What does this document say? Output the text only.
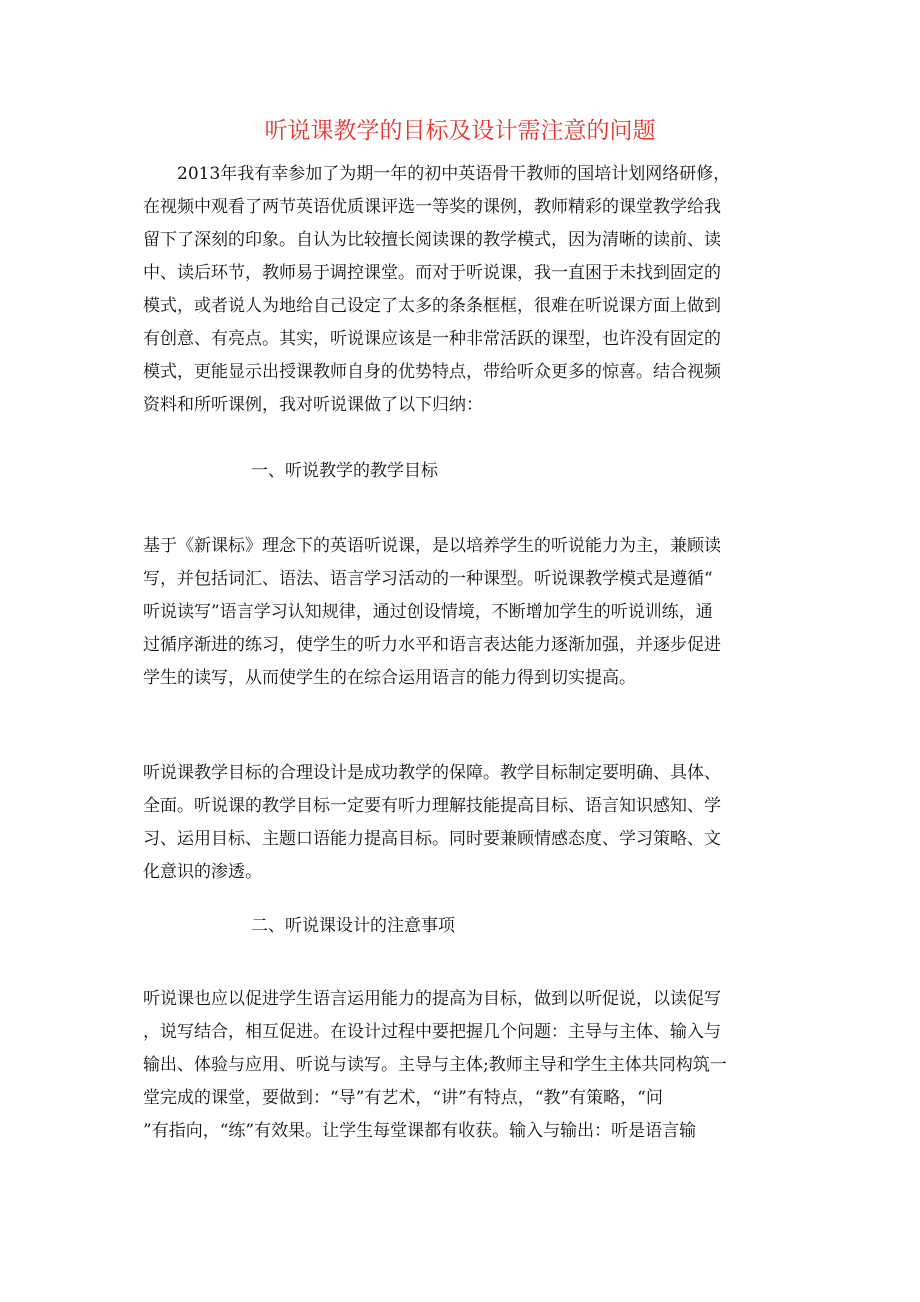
听说课教学的目标及设计需注意的问题
　　2013年我有幸参加了为期一年的初中英语骨干教师的国培计划网络研修，
在视频中观看了两节英语优质课评选一等奖的课例，教师精彩的课堂教学给我
留下了深刻的印象。自认为比较擅长阅读课的教学模式，因为清晰的读前、读
中、读后环节，教师易于调控课堂。而对于听说课，我一直困于未找到固定的
模式，或者说人为地给自己设定了太多的条条框框，很难在听说课方面上做到
有创意、有亮点。其实，听说课应该是一种非常活跃的课型，也许没有固定的
模式，更能显示出授课教师自身的优势特点，带给听众更多的惊喜。结合视频
资料和所听课例，我对听说课做了以下归纳：
一、听说教学的教学目标
基于《新课标》理念下的英语听说课，是以培养学生的听说能力为主，兼顾读
写，并包括词汇、语法、语言学习活动的一种课型。听说课教学模式是遵循“
听说读写”语言学习认知规律，通过创设情境，不断增加学生的听说训练，通
过循序渐进的练习，使学生的听力水平和语言表达能力逐渐加强，并逐步促进
学生的读写，从而使学生的在综合运用语言的能力得到切实提高。
听说课教学目标的合理设计是成功教学的保障。教学目标制定要明确、具体、
全面。听说课的教学目标一定要有听力理解技能提高目标、语言知识感知、学
习、运用目标、主题口语能力提高目标。同时要兼顾情感态度、学习策略、文
化意识的渗透。
二、听说课设计的注意事项
听说课也应以促进学生语言运用能力的提高为目标，做到以听促说，以读促写
，说写结合，相互促进。在设计过程中要把握几个问题：主导与主体、输入与
输出、体验与应用、听说与读写。主导与主体;教师主导和学生主体共同构筑一
堂完成的课堂，要做到：“导”有艺术，“讲”有特点，“教”有策略，“问
”有指向，“练”有效果。让学生每堂课都有收获。输入与输出：听是语言输
